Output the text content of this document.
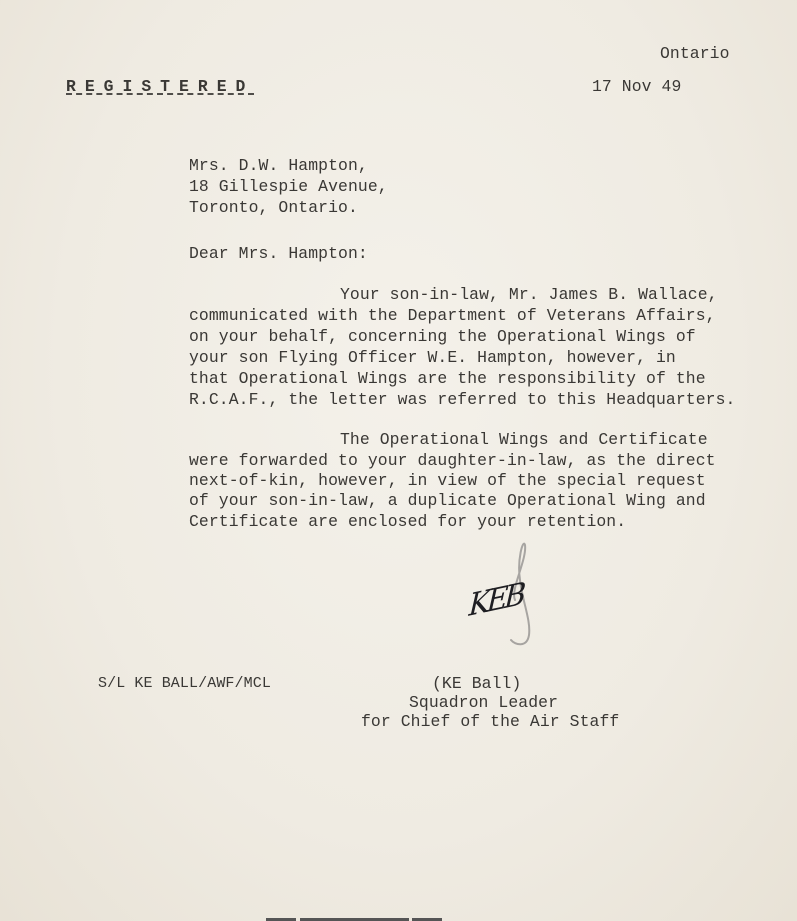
Ontario
REGISTERED	17 Nov 49
Mrs. D.W. Hampton,
18 Gillespie Avenue,
Toronto, Ontario.
Dear Mrs. Hampton:
Your son-in-law, Mr. James B. Wallace,
communicated with the Department of Veterans Affairs,
on your behalf, concerning the Operational Wings of
your son Flying Officer W.E. Hampton, however, in
that Operational Wings are the responsibility of the
R.C.A.F., the letter was referred to this Headquarters.
The Operational Wings and Certificate
were forwarded to your daughter-in-law, as the direct
next-of-kin, however, in view of the special request
of your son-in-law, a duplicate Operational Wing and
Certificate are enclosed for your retention.
KEB
S/L KE BALL/AWF/MCL	(KE Ball)
Squadron Leader
for Chief of the Air Staff
